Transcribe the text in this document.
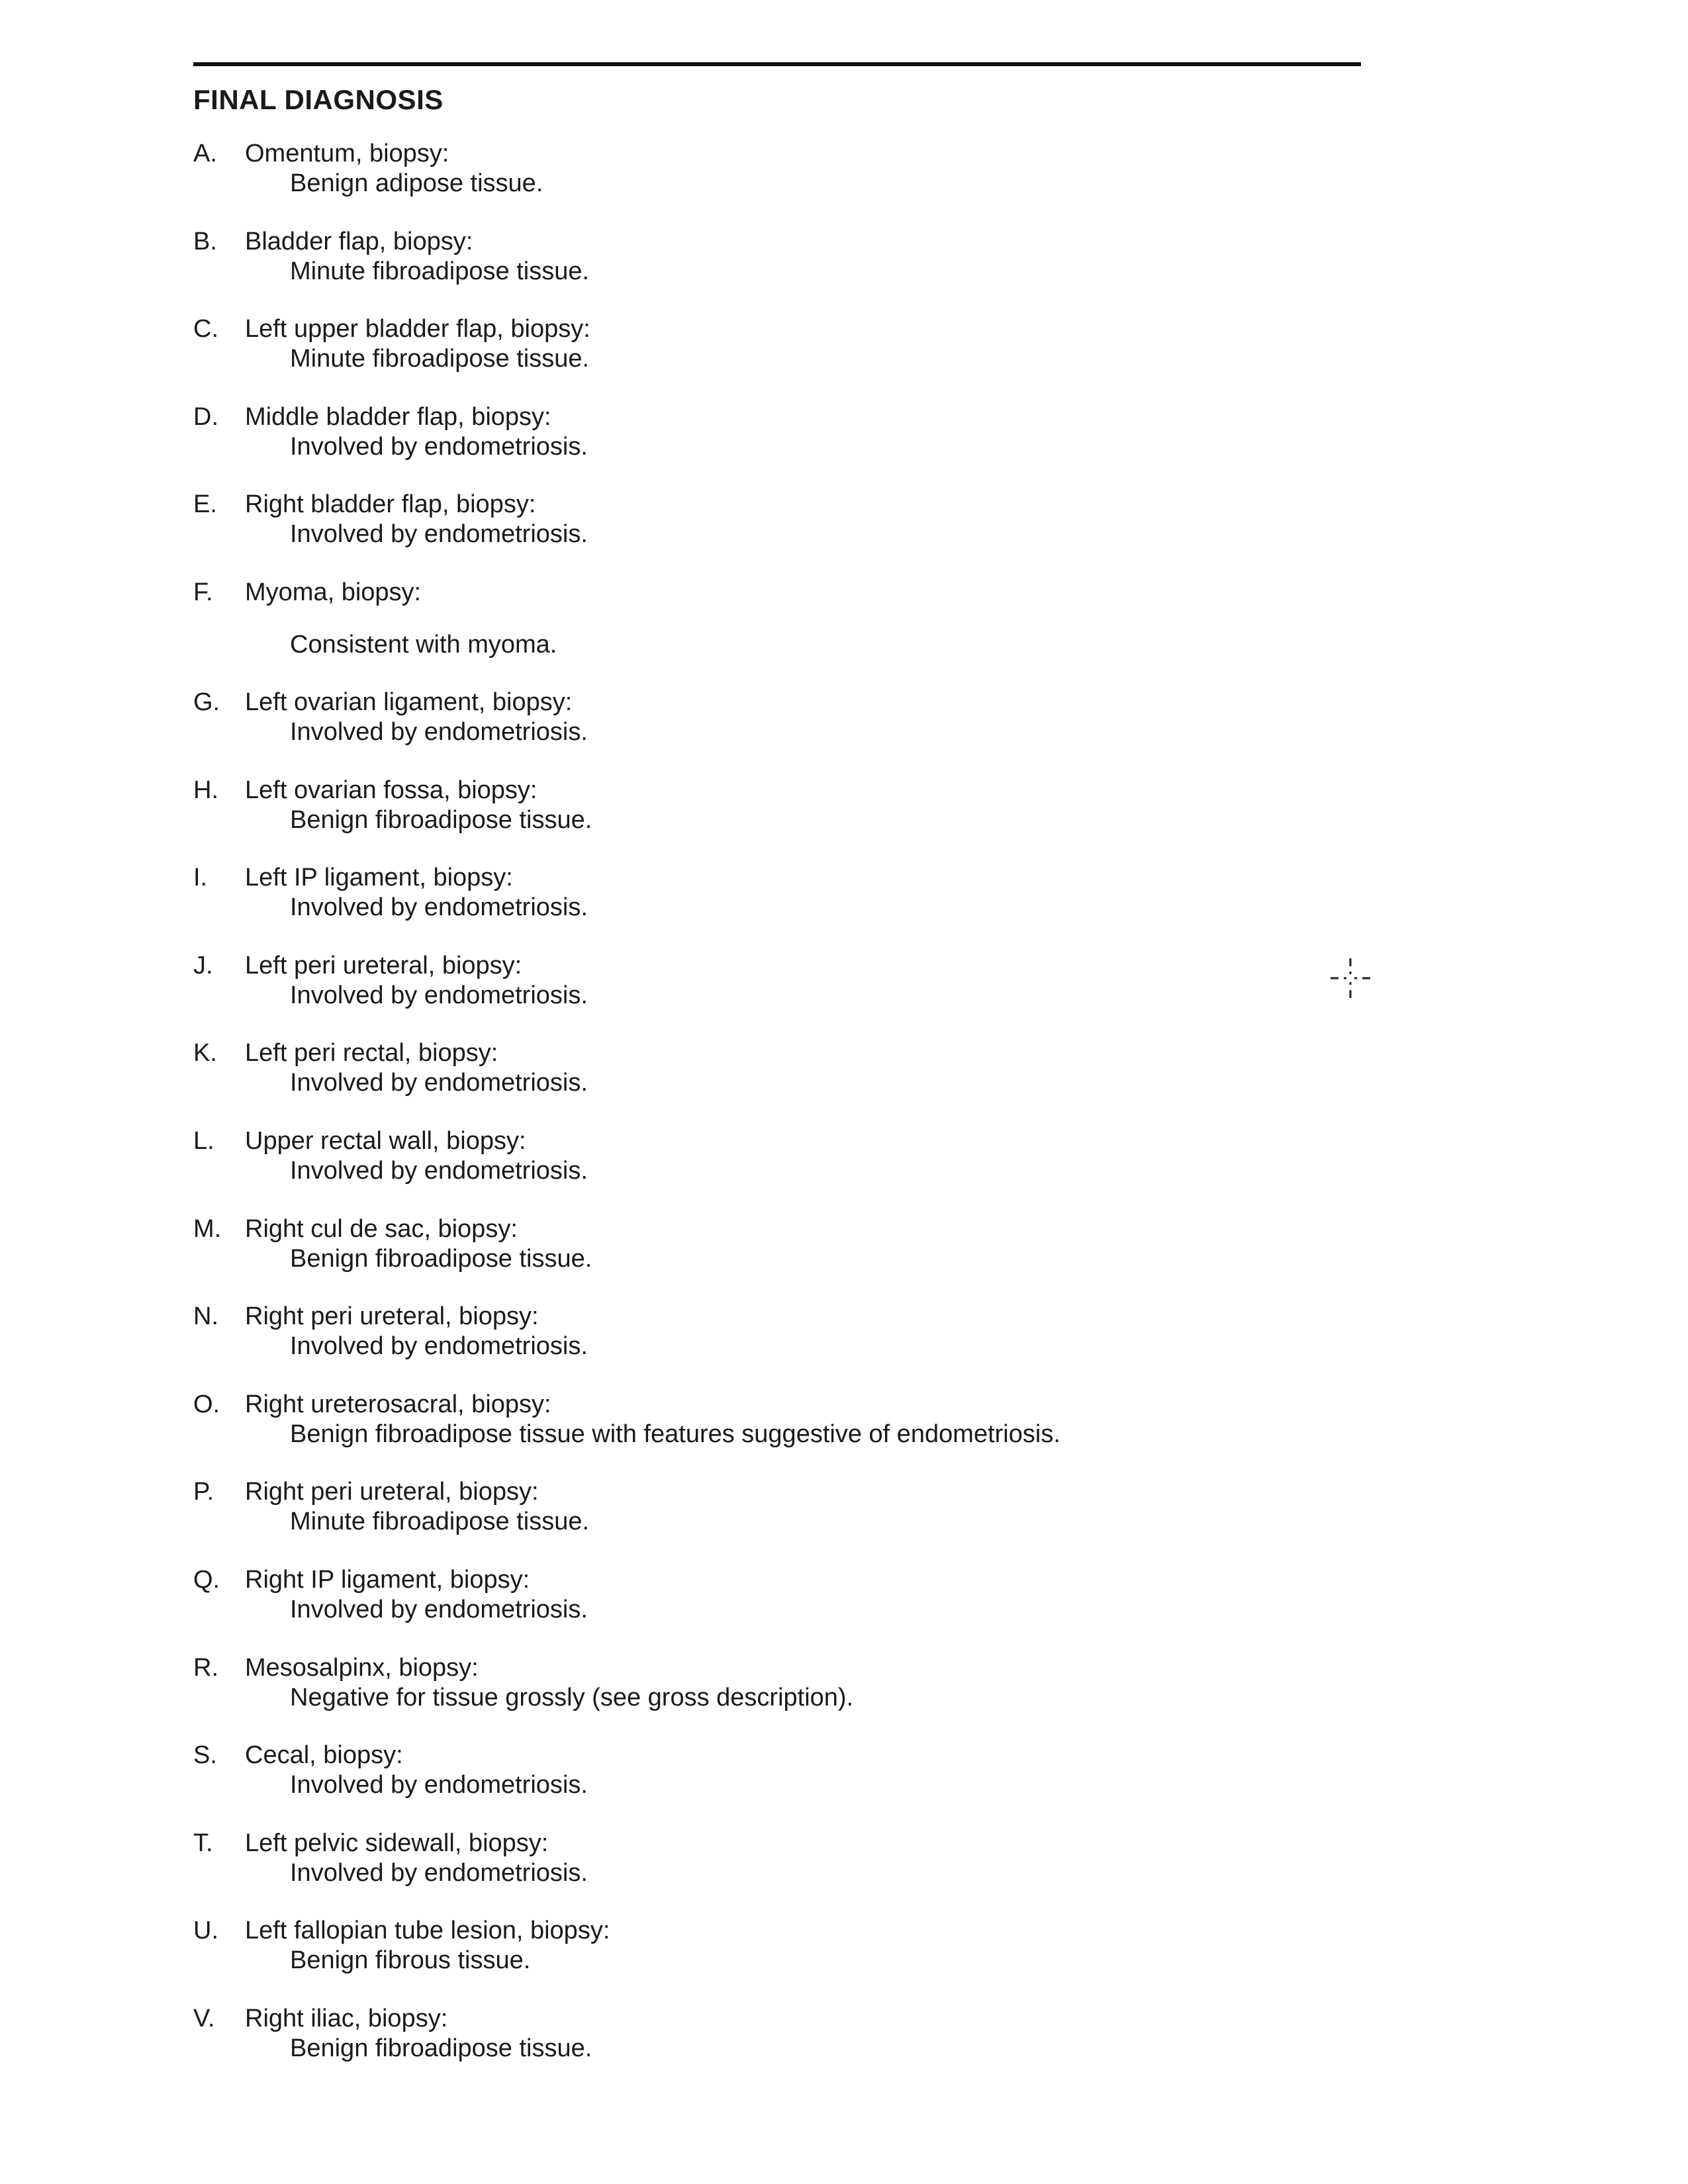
FINAL DIAGNOSIS
A. Omentum, biopsy:
Benign adipose tissue.
B. Bladder flap, biopsy:
Minute fibroadipose tissue.
C. Left upper bladder flap, biopsy:
Minute fibroadipose tissue.
D. Middle bladder flap, biopsy:
Involved by endometriosis.
E. Right bladder flap, biopsy:
Involved by endometriosis.
F. Myoma, biopsy:
Consistent with myoma.
G. Left ovarian ligament, biopsy:
Involved by endometriosis.
H. Left ovarian fossa, biopsy:
Benign fibroadipose tissue.
I. Left IP ligament, biopsy:
Involved by endometriosis.
J. Left peri ureteral, biopsy:
Involved by endometriosis.
K. Left peri rectal, biopsy:
Involved by endometriosis.
L. Upper rectal wall, biopsy:
Involved by endometriosis.
M. Right cul de sac, biopsy:
Benign fibroadipose tissue.
N. Right peri ureteral, biopsy:
Involved by endometriosis.
O. Right ureterosacral, biopsy:
Benign fibroadipose tissue with features suggestive of endometriosis.
P. Right peri ureteral, biopsy:
Minute fibroadipose tissue.
Q. Right IP ligament, biopsy:
Involved by endometriosis.
R. Mesosalpinx, biopsy:
Negative for tissue grossly (see gross description).
S. Cecal, biopsy:
Involved by endometriosis.
T. Left pelvic sidewall, biopsy:
Involved by endometriosis.
U. Left fallopian tube lesion, biopsy:
Benign fibrous tissue.
V. Right iliac, biopsy:
Benign fibroadipose tissue.
